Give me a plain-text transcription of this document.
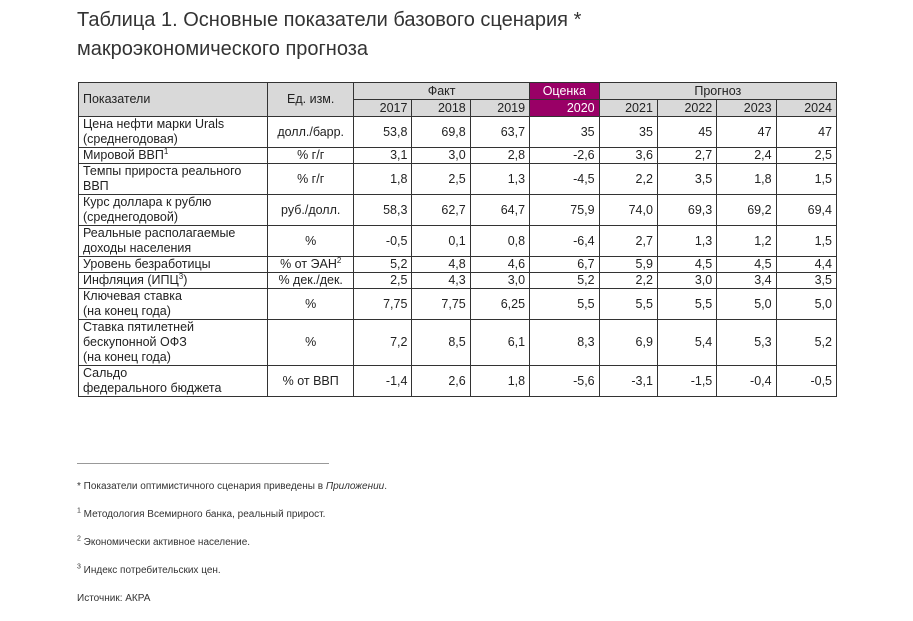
Таблица 1. Основные показатели базового сценария *
макроэкономического прогноза
Показатели	Ед. изм.	Факт			Оценка	Прогноз			
		2017	2018	2019	2020	2021	2022	2023	2024
Цена нефти марки Urals
(среднегодовая)	долл./барр.	53,8	69,8	63,7	35	35	45	47	47
Мировой ВВП$^1$	% г/г	3,1	3,0	2,8	-2,6	3,6	2,7	2,4	2,5
Темпы прироста реального
ВВП	% г/г	1,8	2,5	1,3	-4,5	2,2	3,5	1,8	1,5
Курс доллара к рублю
(среднегодовой)	руб./долл.	58,3	62,7	64,7	75,9	74,0	69,3	69,2	69,4
Реальные располагаемые
доходы населения	%	-0,5	0,1	0,8	-6,4	2,7	1,3	1,2	1,5
Уровень безработицы	% от ЭАН$^2$	5,2	4,8	4,6	6,7	5,9	4,5	4,5	4,4
Инфляция (ИПЦ$^3$)	% дек./дек.	2,5	4,3	3,0	5,2	2,2	3,0	3,4	3,5
Ключевая ставка
(на конец года)	%	7,75	7,75	6,25	5,5	5,5	5,5	5,0	5,0
Ставка пятилетней
бескупонной ОФЗ
(на конец года)	%	7,2	8,5	6,1	8,3	6,9	5,4	5,3	5,2
Сальдо
федерального бюджета	% от ВВП	-1,4	2,6	1,8	-5,6	-3,1	-1,5	-0,4	-0,5
* Показатели оптимистичного сценария приведены в Приложении.
$^1$ Методология Всемирного банка, реальный прирост.
$^2$ Экономически активное население.
$^3$ Индекс потребительских цен.
Источник: АКРА
